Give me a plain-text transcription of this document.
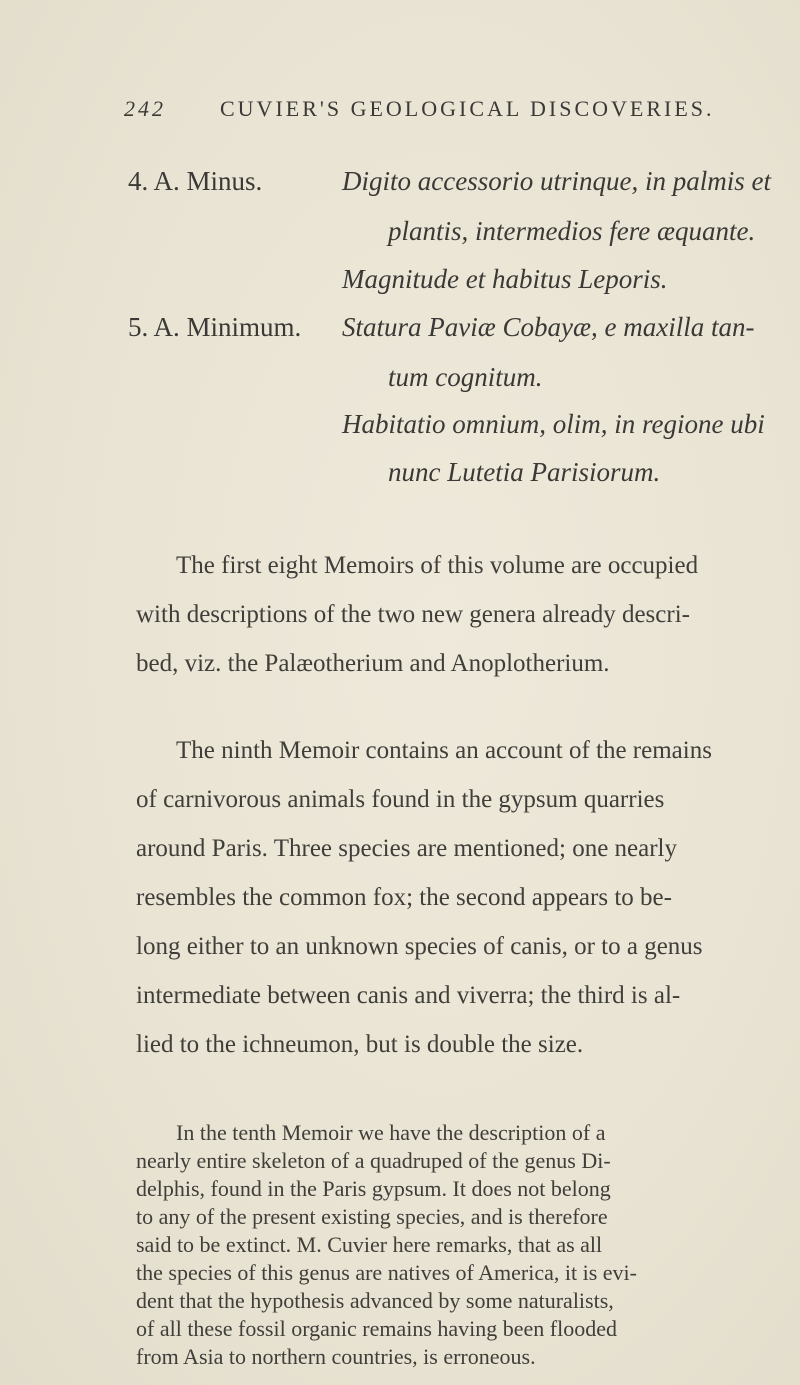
242 CUVIER'S GEOLOGICAL DISCOVERIES.
4. A. Minus.	Digito accessorio utrinque, in palmis et
plantis, intermedios fere æquante.
Magnitude et habitus Leporis.
5. A. Minimum. Statura Paviæ Cobayæ, e maxilla tan-
tum cognitum.
Habitatio omnium, olim, in regione ubi
nunc Lutetia Parisiorum.
The first eight Memoirs of this volume are occupied
with descriptions of the two new genera already descri-
bed, viz. the Palæotherium and Anoplotherium.
The ninth Memoir contains an account of the remains
of carnivorous animals found in the gypsum quarries
around Paris. Three species are mentioned; one nearly
resembles the common fox; the second appears to be-
long either to an unknown species of canis, or to a genus
intermediate between canis and viverra; the third is al-
lied to the ichneumon, but is double the size.
In the tenth Memoir we have the description of a
nearly entire skeleton of a quadruped of the genus Di-
delphis, found in the Paris gypsum. It does not belong
to any of the present existing species, and is therefore
said to be extinct. M. Cuvier here remarks, that as all
the species of this genus are natives of America, it is evi-
dent that the hypothesis advanced by some naturalists,
of all these fossil organic remains having been flooded
from Asia to northern countries, is erroneous.
